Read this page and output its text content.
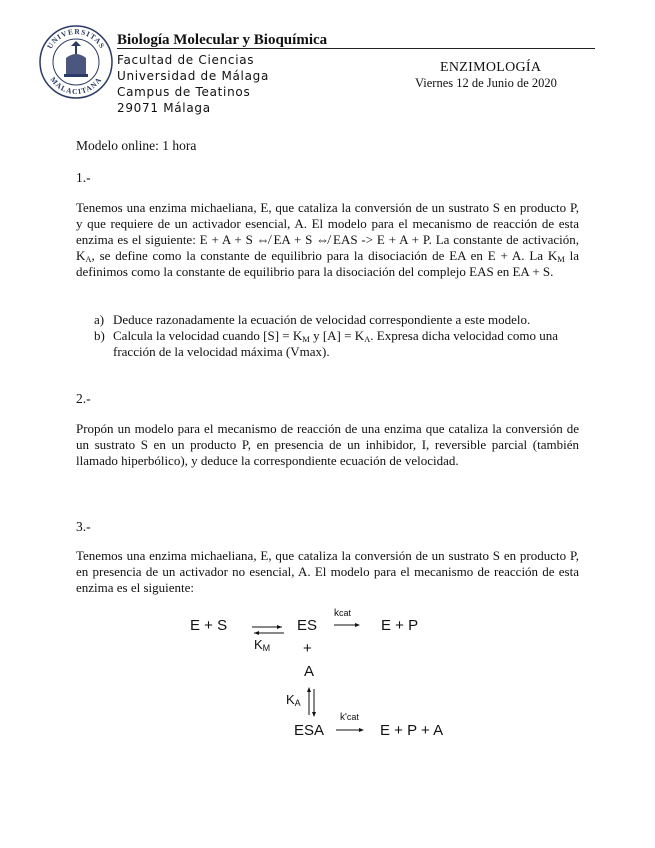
UNIVERSITAS
MALACITANA
Biología Molecular y Bioquímica
Facultad de Ciencias
Universidad de Málaga
Campus de Teatinos
29071 Málaga
ENZIMOLOGÍA
Viernes 12 de Junio de 2020
Modelo online: 1 hora
1.-
Tenemos una enzima michaeliana, E, que cataliza la conversión de un sustrato S en producto P, y que requiere de un activador esencial, A. El modelo para el mecanismo de reacción de esta enzima es el siguiente: E + A + S ⇎ EA + S ⇎ EAS -> E + A + P. La constante de activación, $K_A$, se define como la constante de equilibrio para la disociación de EA en E + A. La $K_M$ la definimos como la constante de equilibrio para la disociación del complejo EAS en EA + S.
a) Deduce razonadamente la ecuación de velocidad correspondiente a este modelo.
b) Calcula la velocidad cuando $[S] = K_M$ y $[A] = K_A$. Expresa dicha velocidad como una fracción de la velocidad máxima (Vmax).
2.-
Propón un modelo para el mecanismo de reacción de una enzima que cataliza la conversión de un sustrato S en un producto P, en presencia de un inhibidor, I, reversible parcial (también llamado hiperbólico), y deduce la correspondiente ecuación de velocidad.
3.-
Tenemos una enzima michaeliana, E, que cataliza la conversión de un sustrato S en producto P, en presencia de un activador no esencial, A. El modelo para el mecanismo de reacción de esta enzima es el siguiente:
E + S ⇌
$K_M$
ES
kcat
E + P
+
A
$K_A$
ESA
k'cat
E + P + A
